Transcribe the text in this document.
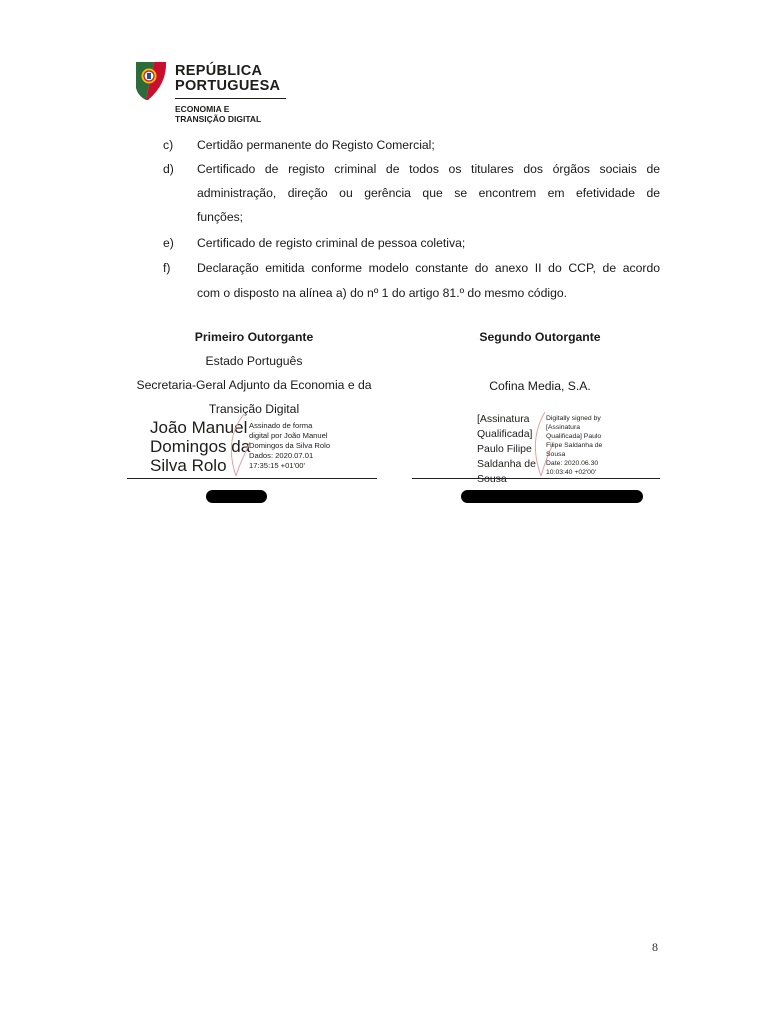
REPÚBLICA
PORTUGUESA
ECONOMIA E
TRANSIÇÃO DIGITAL
c) Certidão permanente do Registo Comercial;
d) Certificado de registo criminal de todos os titulares dos órgãos sociais de
administração, direção ou gerência que se encontrem em efetividade de
funções;
e) Certificado de registo criminal de pessoa coletiva;
f) Declaração emitida conforme modelo constante do anexo II do CCP, de acordo
com o disposto na alínea a) do nº 1 do artigo 81.º do mesmo código.
Primeiro Outorgante
Estado Português
Secretaria-Geral Adjunto da Economia e da
Transição Digital
Segundo Outorgante
Cofina Media, S.A.
João Manuel
Domingos da
Silva Rolo
Assinado de forma
digital por João Manuel
Domingos da Silva Rolo
Dados: 2020.07.01
17:35:15 +01'00'
[Assinatura
Qualificada]
Paulo Filipe
Saldanha de
Sousa
Digitally signed by
[Assinatura
Qualificada] Paulo
Filipe Saldanha de
Sousa
Date: 2020.06.30
10:03:40 +02'00'
8
